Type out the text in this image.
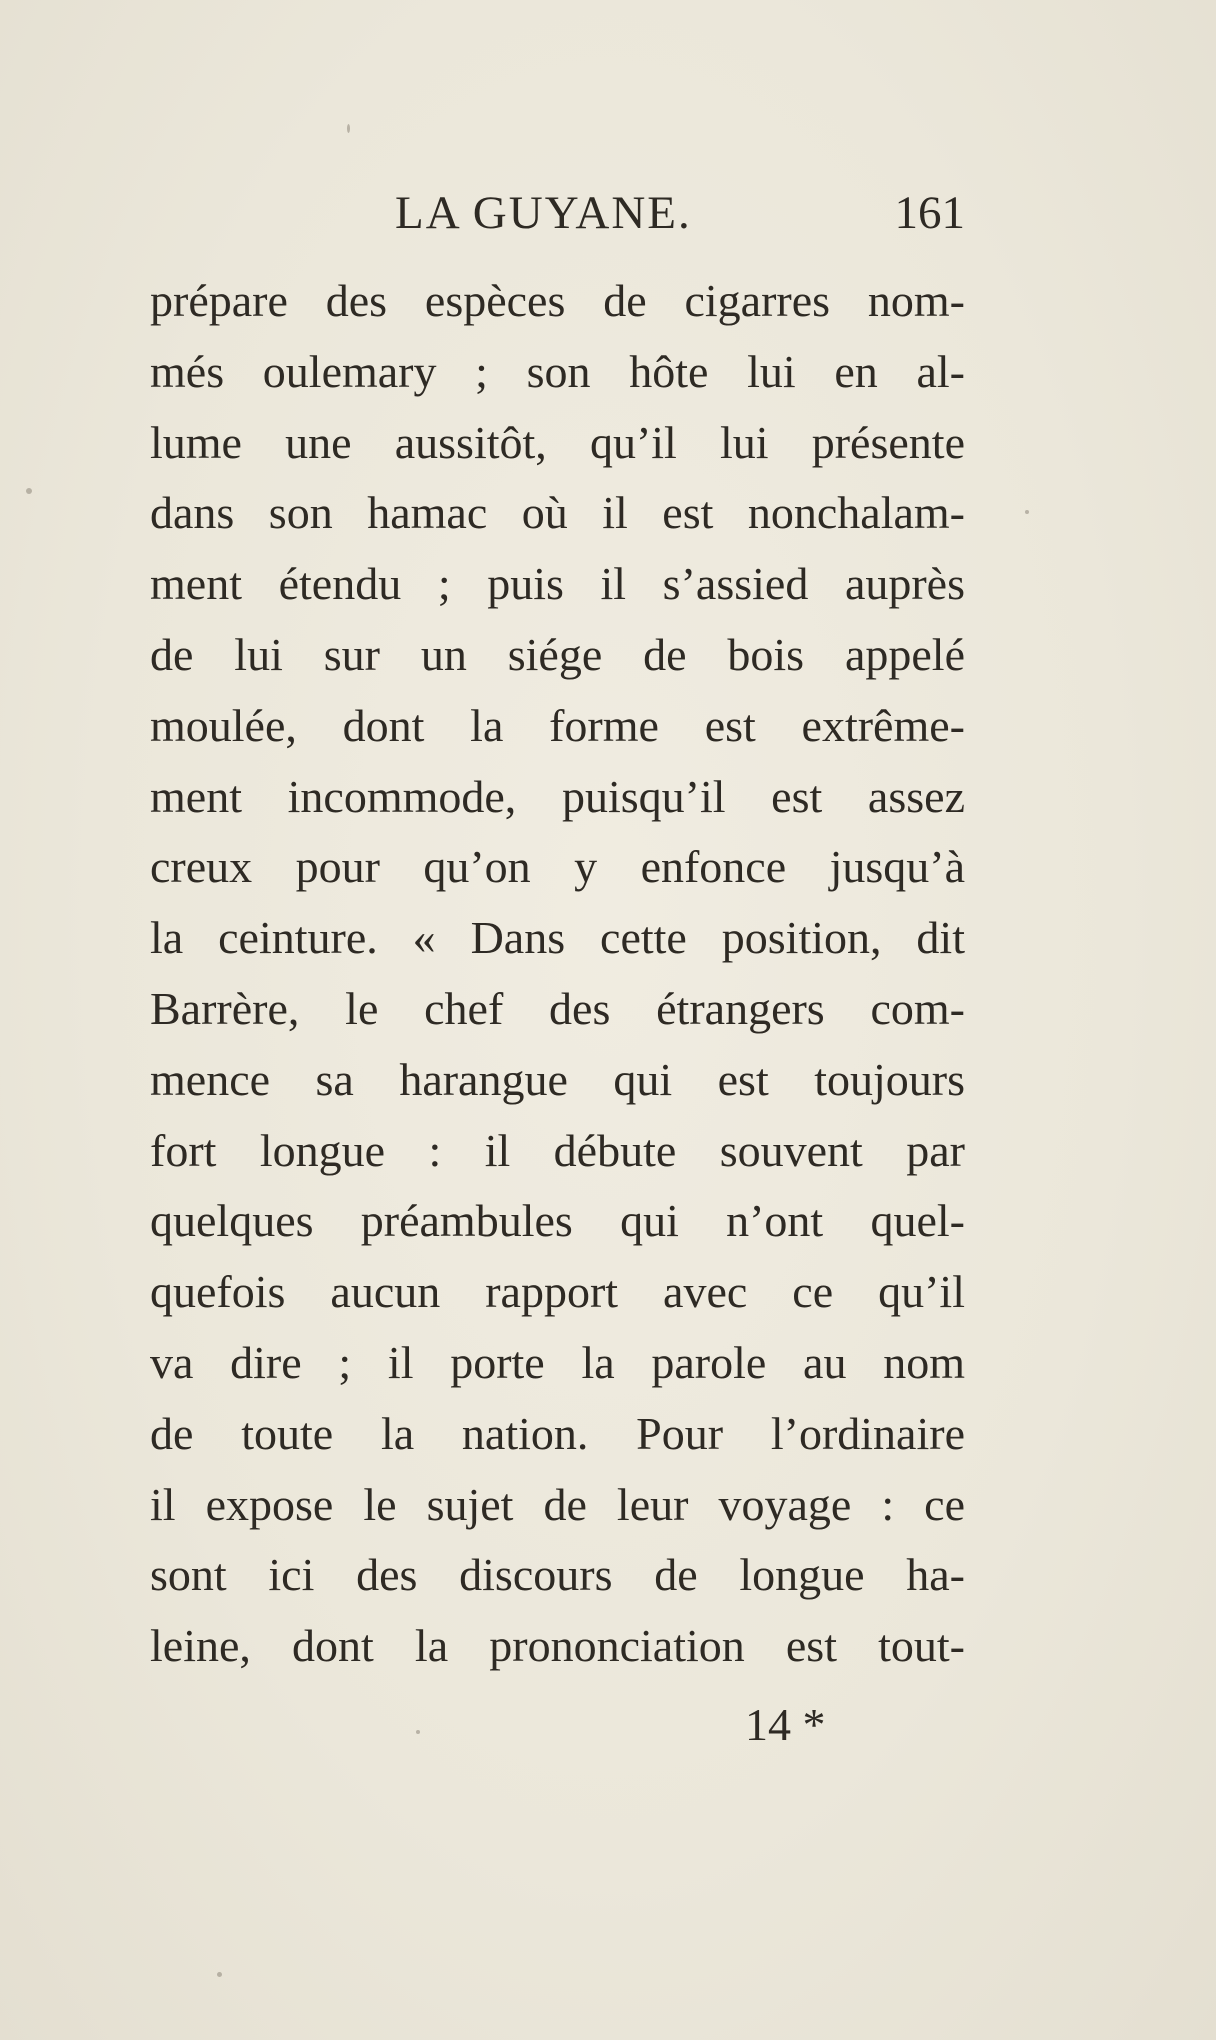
LA GUYANE.	161
prépare des espèces de cigarres nom-
més oulemary ; son hôte lui en al-
lume une aussitôt, qu’il lui présente
dans son hamac où il est nonchalam-
ment étendu ; puis il s’assied auprès
de lui sur un siége de bois appelé
moulée, dont la forme est extrême-
ment incommode, puisqu’il est assez
creux pour qu’on y enfonce jusqu’à
la ceinture. « Dans cette position, dit
Barrère, le chef des étrangers com-
mence sa harangue qui est toujours
fort longue : il débute souvent par
quelques préambules qui n’ont quel-
quefois aucun rapport avec ce qu’il
va dire ; il porte la parole au nom
de toute la nation. Pour l’ordinaire
il expose le sujet de leur voyage : ce
sont ici des discours de longue ha-
leine, dont la prononciation est tout-
14 *
